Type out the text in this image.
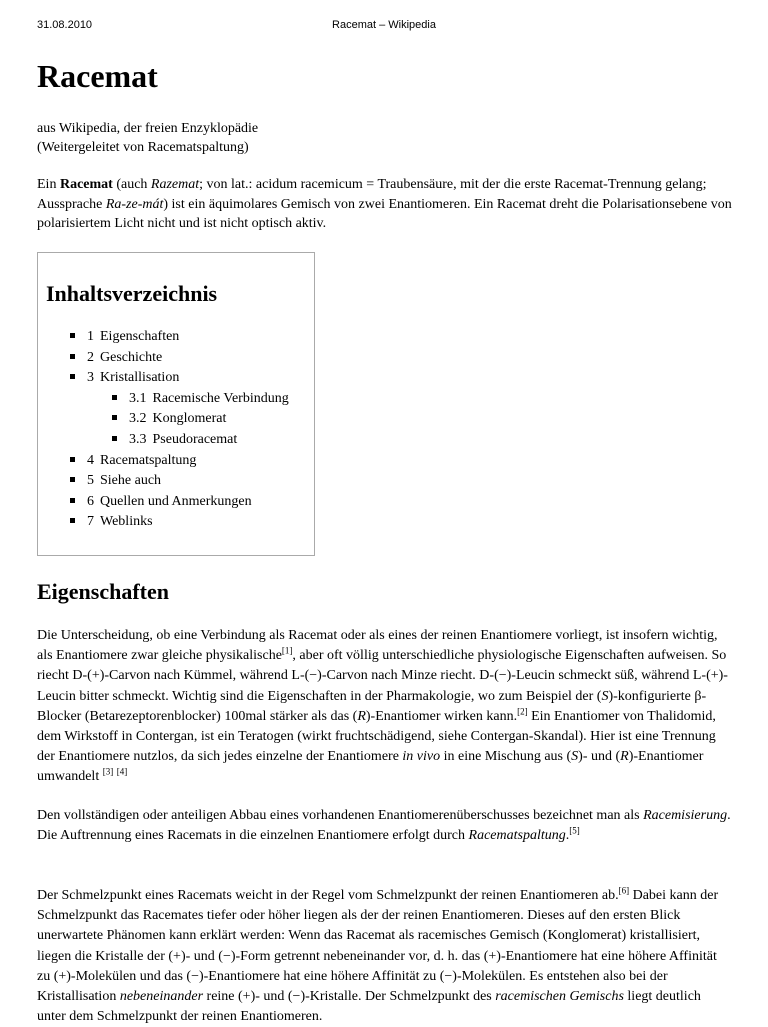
31.08.2010	Racemat – Wikipedia
Racemat
aus Wikipedia, der freien Enzyklopädie
(Weitergeleitet von Racematspaltung)
Ein Racemat (auch Razemat; von lat.: acidum racemicum = Traubensäure, mit der die erste Racemat-Trennung gelang; Aussprache Ra-ze-mát) ist ein äquimolares Gemisch von zwei Enantiomeren. Ein Racemat dreht die Polarisationsebene von polarisiertem Licht nicht und ist nicht optisch aktiv.
Inhaltsverzeichnis
1 Eigenschaften
2 Geschichte
3 Kristallisation
3.1 Racemische Verbindung
3.2 Konglomerat
3.3 Pseudoracemat
4 Racematspaltung
5 Siehe auch
6 Quellen und Anmerkungen
7 Weblinks
Eigenschaften
Die Unterscheidung, ob eine Verbindung als Racemat oder als eines der reinen Enantiomere vorliegt, ist insofern wichtig, als Enantiomere zwar gleiche physikalische[1], aber oft völlig unterschiedliche physiologische Eigenschaften aufweisen. So riecht D-(+)-Carvon nach Kümmel, während L-(−)-Carvon nach Minze riecht. D-(−)-Leucin schmeckt süß, während L-(+)-Leucin bitter schmeckt. Wichtig sind die Eigenschaften in der Pharmakologie, wo zum Beispiel der (S)-konfigurierte β-Blocker (Betarezeptorenblocker) 100mal stärker als das (R)-Enantiomer wirken kann.[2] Ein Enantiomer von Thalidomid, dem Wirkstoff in Contergan, ist ein Teratogen (wirkt fruchtschädigend, siehe Contergan-Skandal). Hier ist eine Trennung der Enantiomere nutzlos, da sich jedes einzelne der Enantiomere in vivo in eine Mischung aus (S)- und (R)-Enantiomer umwandelt [3] [4]
Den vollständigen oder anteiligen Abbau eines vorhandenen Enantiomerenüberschusses bezeichnet man als Racemisierung. Die Auftrennung eines Racemats in die einzelnen Enantiomere erfolgt durch Racematspaltung.[5]
Der Schmelzpunkt eines Racemats weicht in der Regel vom Schmelzpunkt der reinen Enantiomeren ab.[6] Dabei kann der Schmelzpunkt das Racemates tiefer oder höher liegen als der der reinen Enantiomeren. Dieses auf den ersten Blick unerwartete Phänomen kann erklärt werden: Wenn das Racemat als racemisches Gemisch (Konglomerat) kristallisiert, liegen die Kristalle der (+)- und (−)-Form getrennt nebeneinander vor, d. h. das (+)-Enantiomere hat eine höhere Affinität zu (+)-Molekülen und das (−)-Enantiomere hat eine höhere Affinität zu (−)-Molekülen. Es entstehen also bei der Kristallisation nebeneinander reine (+)- und (−)-Kristalle. Der Schmelzpunkt des racemischen Gemischs liegt deutlich unter dem Schmelzpunkt der reinen Enantiomeren.
